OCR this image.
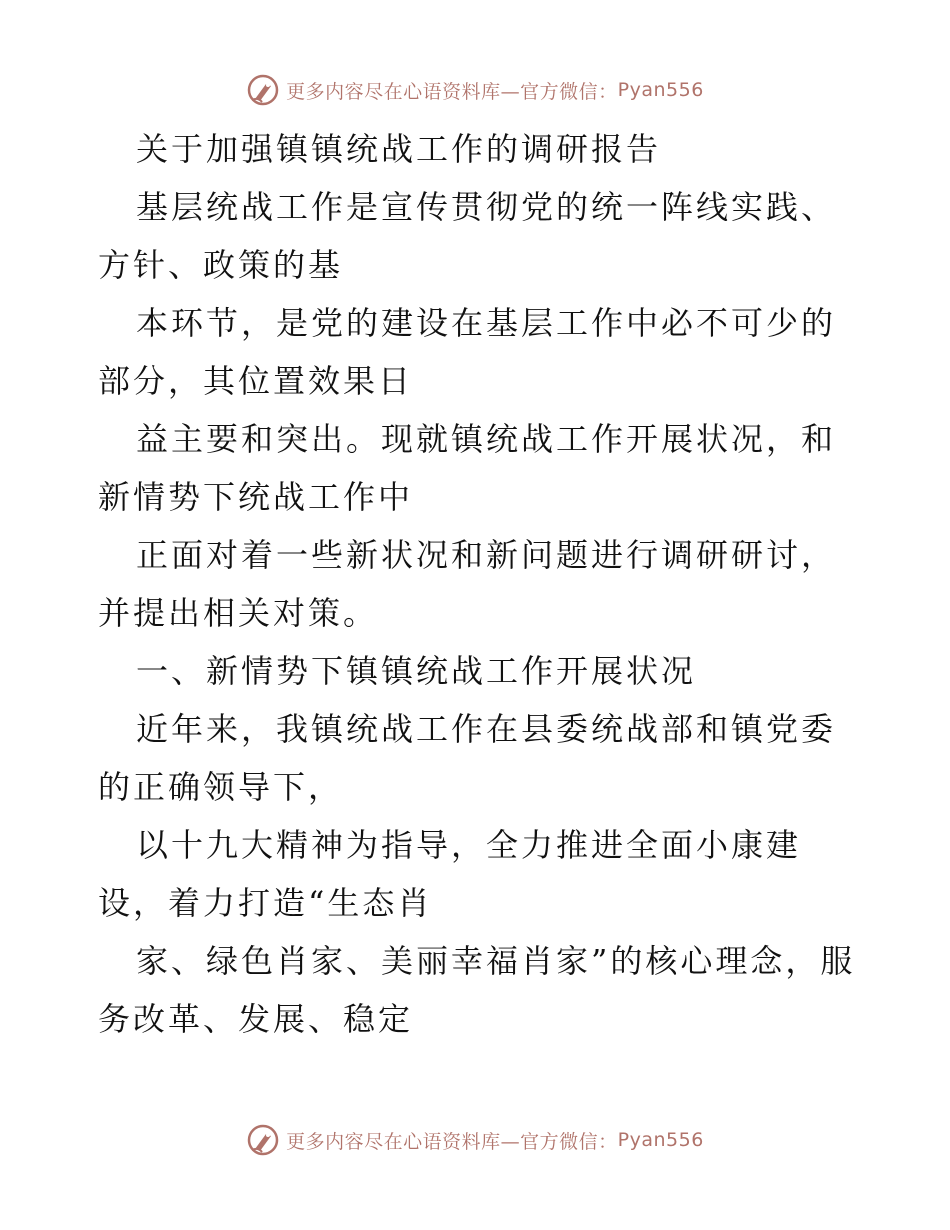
更多内容尽在心语资料库—官方微信： Pyan556

关于加强镇镇统战工作的调研报告

基层统战工作是宣传贯彻党的统一阵线实践、方针、政策的基

本环节，是党的建设在基层工作中必不可少的部分，其位置效果日

益主要和突出。现就镇统战工作开展状况，和新情势下统战工作中

正面对着一些新状况和新问题进行调研研讨，并提出相关对策。

一、新情势下镇镇统战工作开展状况

近年来，我镇统战工作在县委统战部和镇党委的正确领导下，

以十九大精神为指导，全力推进全面小康建设，着力打造“生态肖

家、绿色肖家、美丽幸福肖家”的核心理念，服务改革、发展、稳定

更多内容尽在心语资料库—官方微信： Pyan556
